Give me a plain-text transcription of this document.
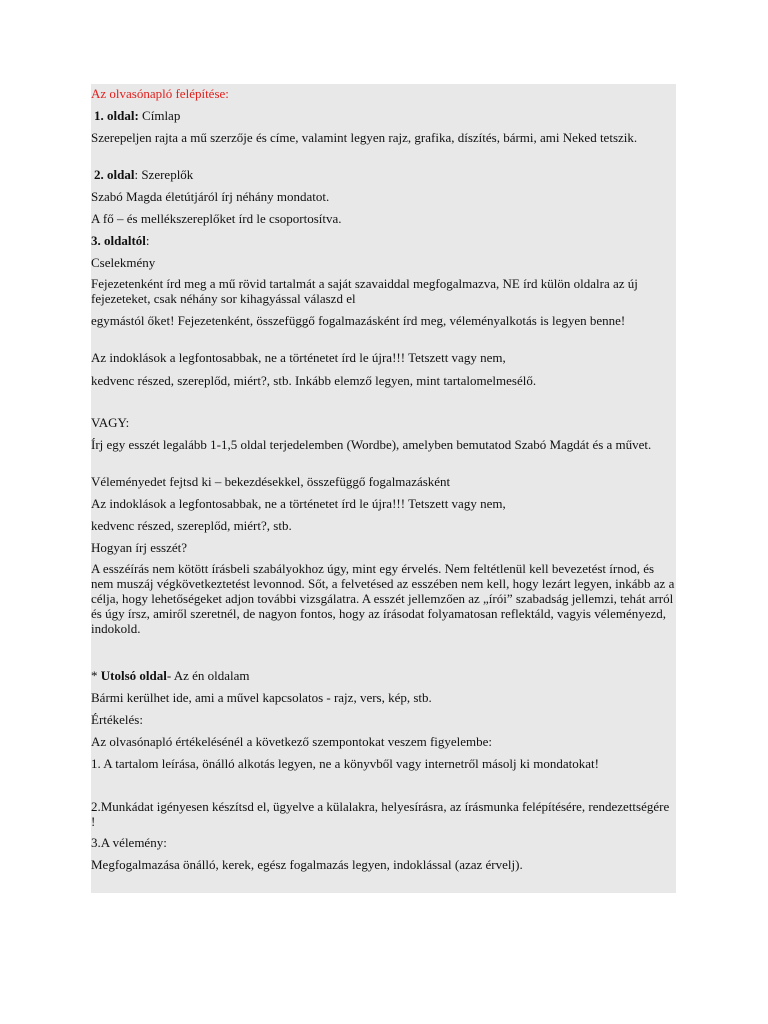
Az olvasónapló felépítése:
1. oldal: Címlap
Szerepeljen rajta a mű szerzője és címe, valamint legyen rajz, grafika, díszítés, bármi, ami Neked tetszik.
2. oldal: Szereplők
Szabó Magda életútjáról írj néhány mondatot.
A fő – és mellékszereplőket írd le csoportosítva.
3. oldaltól:
Cselekmény
Fejezetenként írd meg a mű rövid tartalmát a saját szavaiddal megfogalmazva, NE írd külön oldalra az új fejezeteket, csak néhány sor kihagyással válaszd el
egymástól őket! Fejezetenként, összefüggő fogalmazásként írd meg, véleményalkotás is legyen benne!
Az indoklások a legfontosabbak, ne a történetet írd le újra!!! Tetszett vagy nem,
kedvenc részed, szereplőd, miért?, stb. Inkább elemző legyen, mint tartalomelmesélő.
VAGY:
Írj egy esszét legalább 1-1,5 oldal terjedelemben (Wordbe), amelyben bemutatod Szabó Magdát és a művet.
Véleményedet fejtsd ki – bekezdésekkel, összefüggő fogalmazásként
Az indoklások a legfontosabbak, ne a történetet írd le újra!!! Tetszett vagy nem,
kedvenc részed, szereplőd, miért?, stb.
Hogyan írj esszét?
A esszéírás nem kötött írásbeli szabályokhoz úgy, mint egy érvelés. Nem feltétlenül kell bevezetést írnod, és nem muszáj végkövetkeztetést levonnod. Sőt, a felvetésed az esszében nem kell, hogy lezárt legyen, inkább az a célja, hogy lehetőségeket adjon további vizsgálatra. A esszét jellemzően az „írói” szabadság jellemzi, tehát arról és úgy írsz, amiről szeretnél, de nagyon fontos, hogy az írásodat folyamatosan reflektáld, vagyis véleményezd, indokold.
* Utolsó oldal- Az én oldalam
Bármi kerülhet ide, ami a művel kapcsolatos - rajz, vers, kép, stb.
Értékelés:
Az olvasónapló értékelésénél a következő szempontokat veszem figyelembe:
1. A tartalom leírása, önálló alkotás legyen, ne a könyvből vagy internetről másolj ki mondatokat!
2.Munkádat igényesen készítsd el, ügyelve a külalakra, helyesírásra, az írásmunka felépítésére, rendezettségére !
3.A vélemény:
Megfogalmazása önálló, kerek, egész fogalmazás legyen, indoklással (azaz érvelj).
